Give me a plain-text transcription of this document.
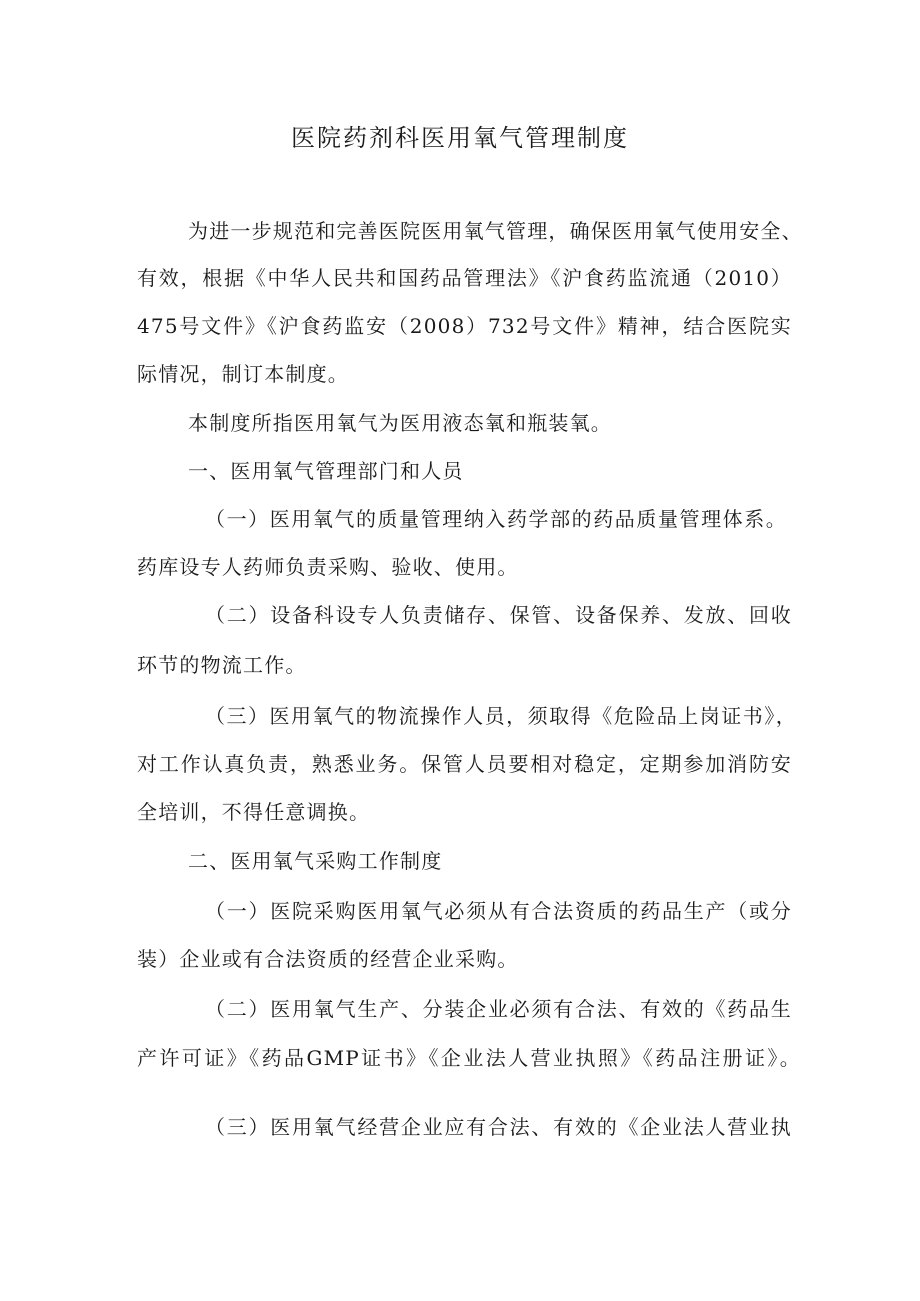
医院药剂科医用氧气管理制度
为进一步规范和完善医院医用氧气管理，确保医用氧气使用安全、
有效，根据《中华人民共和国药品管理法》《沪食药监流通（2010）
475号文件》《沪食药监安（2008）732号文件》精神，结合医院实
际情况，制订本制度。
本制度所指医用氧气为医用液态氧和瓶装氧。
一、医用氧气管理部门和人员
（一）医用氧气的质量管理纳入药学部的药品质量管理体系。
药库设专人药师负责采购、验收、使用。
（二）设备科设专人负责储存、保管、设备保养、发放、回收
环节的物流工作。
（三）医用氧气的物流操作人员，须取得《危险品上岗证书》，
对工作认真负责，熟悉业务。保管人员要相对稳定，定期参加消防安
全培训，不得任意调换。
二、医用氧气采购工作制度
（一）医院采购医用氧气必须从有合法资质的药品生产（或分
装）企业或有合法资质的经营企业采购。
（二）医用氧气生产、分装企业必须有合法、有效的《药品生
产许可证》《药品GMP证书》《企业法人营业执照》《药品注册证》。
（三）医用氧气经营企业应有合法、有效的《企业法人营业执
